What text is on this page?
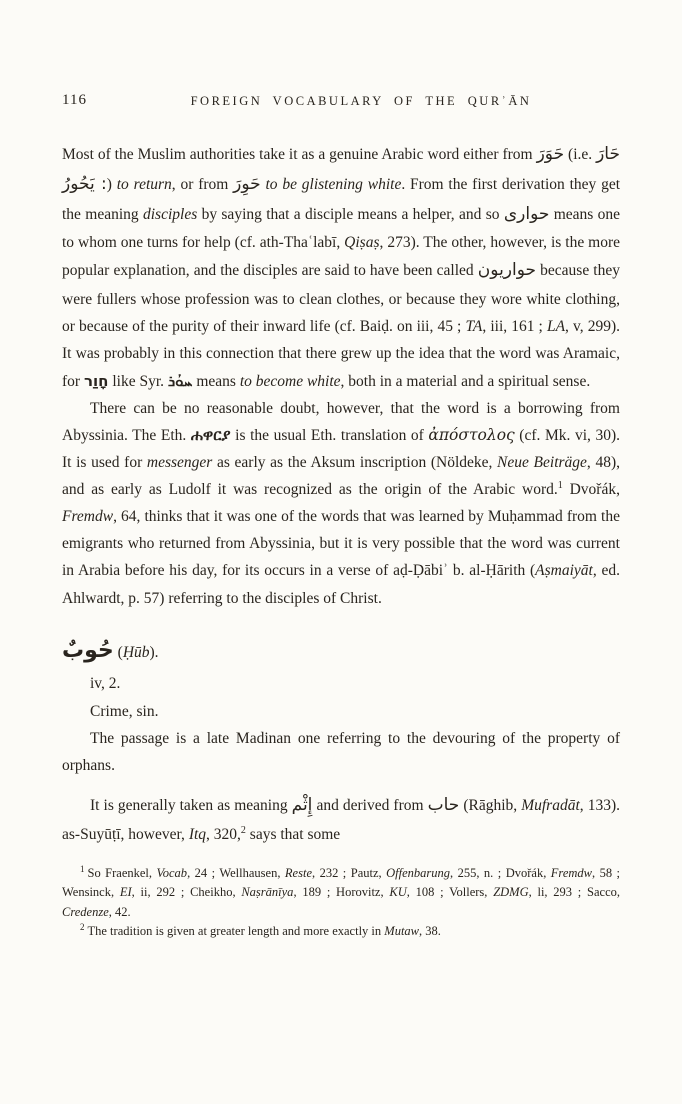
116	FOREIGN VOCABULARY OF THE QURʾĀN

Most of the Muslim authorities take it as a genuine Arabic word either from حَوَرَ (i.e. حَارَ : يَحُورُ) to return, or from حَوِرَ to be glistening white. From the first derivation they get the meaning disciples by saying that a disciple means a helper, and so حوارى means one to whom one turns for help (cf. ath-Thaʿlabī, Qiṣaṣ, 273). The other, however, is the more popular explanation, and the disciples are said to have been called حواريون because they were fullers whose profession was to clean clothes, or because they wore white clothing, or because of the purity of their inward life (cf. Baiḍ. on iii, 45 ; TA, iii, 161 ; LA, v, 299). It was probably in this connection that there grew up the idea that the word was Aramaic, for חָוַר like Syr. ܚܘܳܪ means to become white, both in a material and a spiritual sense.

There can be no reasonable doubt, however, that the word is a borrowing from Abyssinia. The Eth. ሐዋርያ is the usual Eth. translation of ἀπόστολος (cf. Mk. vi, 30). It is used for messenger as early as the Aksum inscription (Nöldeke, Neue Beiträge, 48), and as early as Ludolf it was recognized as the origin of the Arabic word.$^1$ Dvořák, Fremdw, 64, thinks that it was one of the words that was learned by Muḥammad from the emigrants who returned from Abyssinia, but it is very possible that the word was current in Arabia before his day, for its occurs in a verse of aḍ-Ḍābiʾ b. al-Ḥārith (Aṣmaiyāt, ed. Ahlwardt, p. 57) referring to the disciples of Christ.

حُوبٌ (Ḥūb).

iv, 2.

Crime, sin.

The passage is a late Madinan one referring to the devouring of the property of orphans.

It is generally taken as meaning إِثْم and derived from حاب (Rāghib, Mufradāt, 133). as-Suyūṭī, however, Itq, 320,$^2$ says that some

$^1$ So Fraenkel, Vocab, 24 ; Wellhausen, Reste, 232 ; Pautz, Offenbarung, 255, n. ; Dvořák, Fremdw, 58 ; Wensinck, EI, ii, 292 ; Cheikho, Naṣrānīya, 189 ; Horovitz, KU, 108 ; Vollers, ZDMG, li, 293 ; Sacco, Credenze, 42.

$^2$ The tradition is given at greater length and more exactly in Mutaw, 38.
